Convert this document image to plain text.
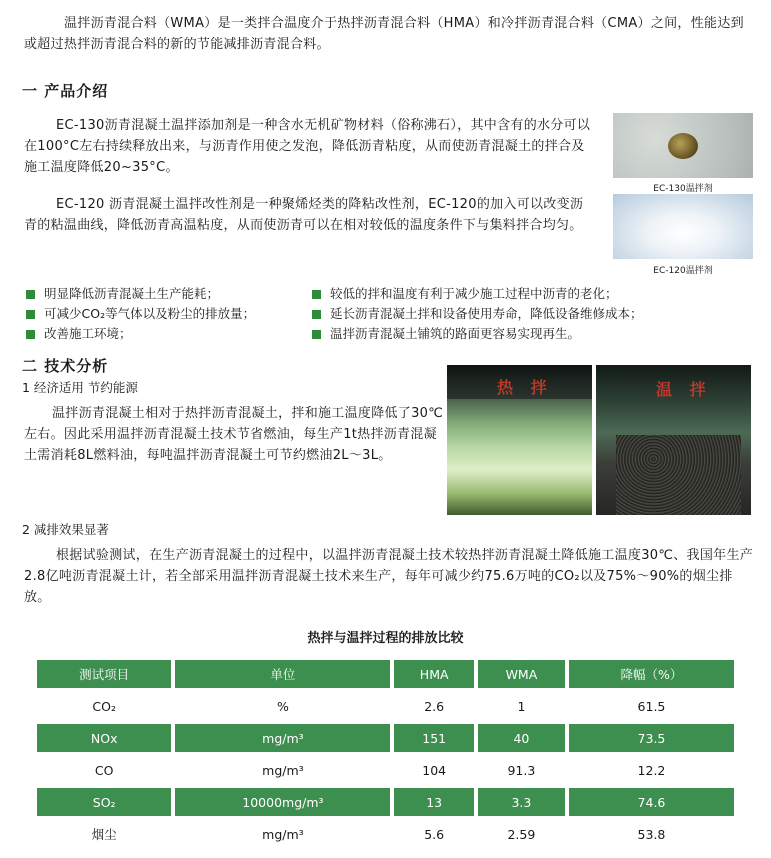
温拌沥青混合料（WMA）是一类拌合温度介于热拌沥青混合料（HMA）和冷拌沥青混合料（CMA）之间，性能达到或超过热拌沥青混合料的新的节能减排沥青混合料。
一 产品介绍
EC-130沥青混凝土温拌添加剂是一种含水无机矿物材料（俗称沸石），其中含有的水分可以在100°C左右持续释放出来，与沥青作用使之发泡，降低沥青粘度，从而使沥青混凝土的拌合及施工温度降低20~35°C。
EC-120 沥青混凝土温拌改性剂是一种聚烯烃类的降粘改性剂，EC-120的加入可以改变沥青的粘温曲线，降低沥青高温粘度，从而使沥青可以在相对较低的温度条件下与集料拌合均匀。
EC-130温拌剂
EC-120温拌剂
明显降低沥青混凝土生产能耗；
可减少CO₂等气体以及粉尘的排放量；
改善施工环境；
较低的拌和温度有利于减少施工过程中沥青的老化；
延长沥青混凝土拌和设备使用寿命，降低设备维修成本；
温拌沥青混凝土铺筑的路面更容易实现再生。
二 技术分析
1 经济适用 节约能源
温拌沥青混凝土相对于热拌沥青混凝土，拌和施工温度降低了30℃左右。因此采用温拌沥青混凝土技术节省燃油，每生产1t热拌沥青混凝土需消耗8L燃料油，每吨温拌沥青混凝土可节约燃油2L～3L。
热 拌	温 拌
2 减排效果显著
根据试验测试，在生产沥青混凝土的过程中，以温拌沥青混凝土技术较热拌沥青混凝土降低施工温度30℃、我国年生产2.8亿吨沥青混凝土计，若全部采用温拌沥青混凝土技术来生产，每年可减少约75.6万吨的CO₂以及75%～90%的烟尘排放。
热拌与温拌过程的排放比较
测试项目	单位	HMA	WMA	降幅（%）
CO₂	%	2.6	1	61.5
NOx	mg/m³	151	40	73.5
CO	mg/m³	104	91.3	12.2
SO₂	10000mg/m³	13	3.3	74.6
烟尘	mg/m³	5.6	2.59	53.8
